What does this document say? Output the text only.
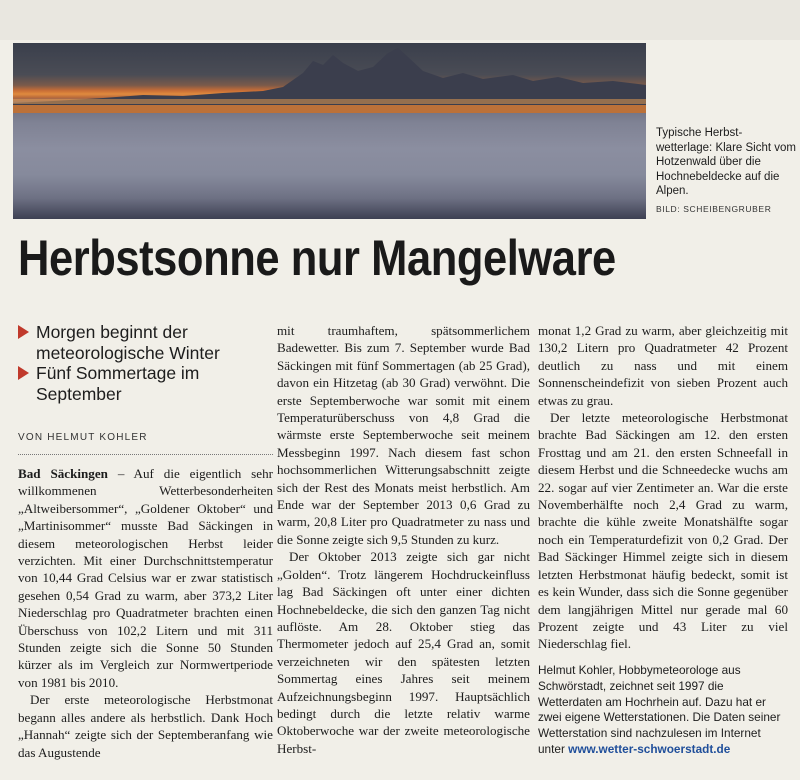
Typische Herbst-wetterlage: Klare Sicht vom Hotzenwald über die Hochnebeldecke auf die Alpen.
BILD: SCHEIBENGRUBER
Herbstsonne nur Mangelware
Morgen beginnt der meteorologische Winter
Fünf Sommertage im September
VON HELMUT KOHLER

Bad Säckingen – Auf die eigentlich sehr willkommenen Wetterbesonderheiten „Altweibersommer“, „Goldener Oktober“ und „Martinisommer“ musste Bad Säckingen in diesem meteorologischen Herbst leider verzichten. Mit einer Durchschnittstemperatur von 10,44 Grad Celsius war er zwar statistisch gesehen 0,54 Grad zu warm, aber 373,2 Liter Niederschlag pro Quadratmeter brachten einen Überschuss von 102,2 Litern und mit 311 Stunden zeigte sich die Sonne 50 Stunden kürzer als im Vergleich zur Normwertperiode von 1981 bis 2010.

Der erste meteorologische Herbstmonat begann alles andere als herbstlich. Dank Hoch „Hannah“ zeigte sich der Septemberanfang wie das Augustende

mit traumhaftem, spätsommerlichem Badewetter. Bis zum 7. September wurde Bad Säckingen mit fünf Sommertagen (ab 25 Grad), davon ein Hitzetag (ab 30 Grad) verwöhnt. Die erste Septemberwoche war somit mit einem Temperaturüberschuss von 4,8 Grad die wärmste erste Septemberwoche seit meinem Messbeginn 1997. Nach diesem fast schon hochsommerlichen Witterungsabschnitt zeigte sich der Rest des Monats meist herbstlich. Am Ende war der September 2013 0,6 Grad zu warm, 20,8 Liter pro Quadratmeter zu nass und die Sonne zeigte sich 9,5 Stunden zu kurz.

Der Oktober 2013 zeigte sich gar nicht „Golden“. Trotz längerem Hochdruckeinfluss lag Bad Säckingen oft unter einer dichten Hochnebeldecke, die sich den ganzen Tag nicht auflöste. Am 28. Oktober stieg das Thermometer jedoch auf 25,4 Grad an, somit verzeichneten wir den spätesten letzten Sommertag eines Jahres seit meinem Aufzeichnungsbeginn 1997. Hauptsächlich bedingt durch die letzte relativ warme Oktoberwoche war der zweite meteorologische Herbst-

monat 1,2 Grad zu warm, aber gleichzeitig mit 130,2 Litern pro Quadratmeter 42 Prozent deutlich zu nass und mit einem Sonnenscheindefizit von sieben Prozent auch etwas zu grau.

Der letzte meteorologische Herbstmonat brachte Bad Säckingen am 12. den ersten Frosttag und am 21. den ersten Schneefall in diesem Herbst und die Schneedecke wuchs am 22. sogar auf vier Zentimeter an. War die erste Novemberhälfte noch 2,4 Grad zu warm, brachte die kühle zweite Monatshälfte sogar noch ein Temperaturdefizit von 0,2 Grad. Der Bad Säckinger Himmel zeigte sich in diesem letzten Herbstmonat häufig bedeckt, somit ist es kein Wunder, dass sich die Sonne gegenüber dem langjährigen Mittel nur gerade mal 60 Prozent zeigte und 43 Liter zu viel Niederschlag fiel.

Helmut Kohler, Hobbymeteorologe aus Schwörstadt, zeichnet seit 1997 die Wetterdaten am Hochrhein auf. Dazu hat er zwei eigene Wetterstationen. Die Daten seiner Wetterstation sind nachzulesen im Internet unter www.wetter-schwoerstadt.de
